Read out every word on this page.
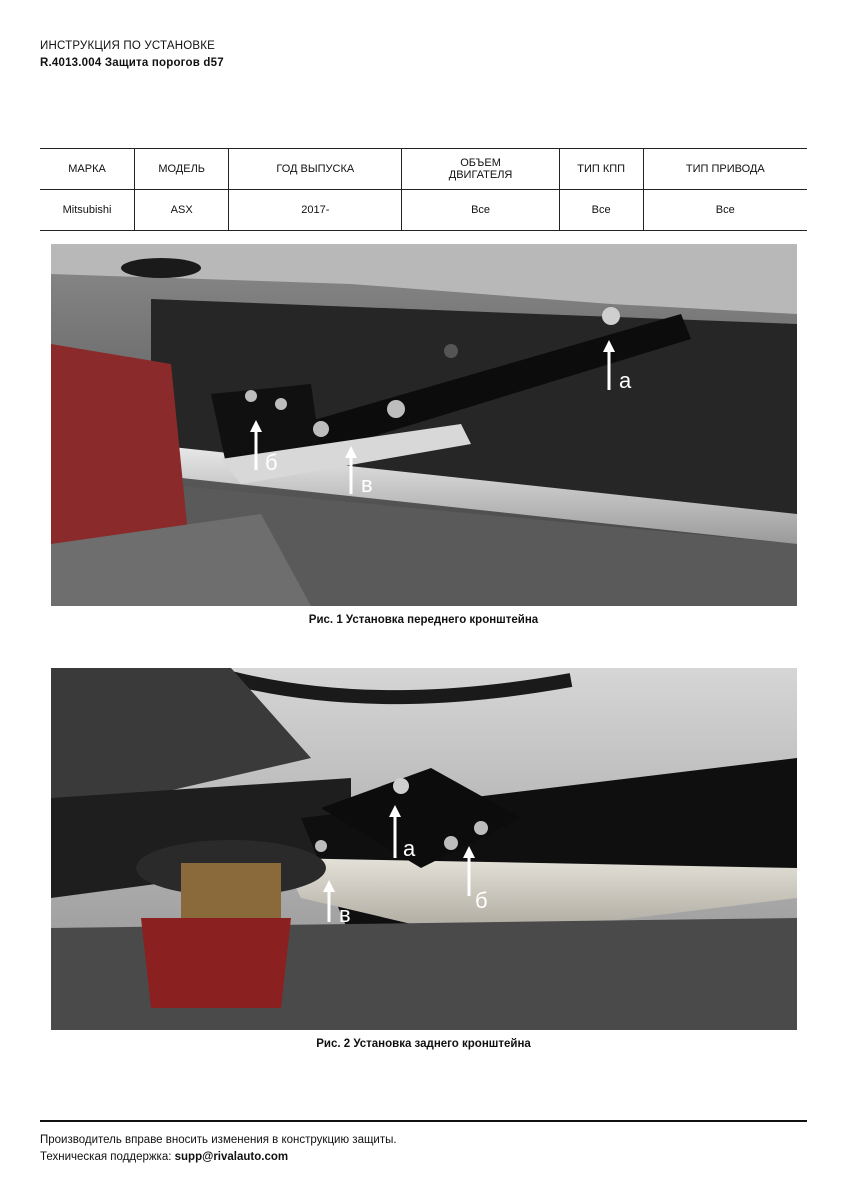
ИНСТРУКЦИЯ ПО УСТАНОВКЕ
R.4013.004 Защита порогов d57
МАРКА	МОДЕЛЬ	ГОД ВЫПУСКА	ОБЪЕМ ДВИГАТЕЛЯ	ТИП КПП	ТИП ПРИВОДА
Mitsubishi	ASX	2017-	Все	Все	Все
а
б
в
Рис. 1 Установка переднего кронштейна
а
б
в
Рис. 2 Установка заднего кронштейна
Производитель вправе вносить изменения в конструкцию защиты.
Техническая поддержка: supp@rivalauto.com
